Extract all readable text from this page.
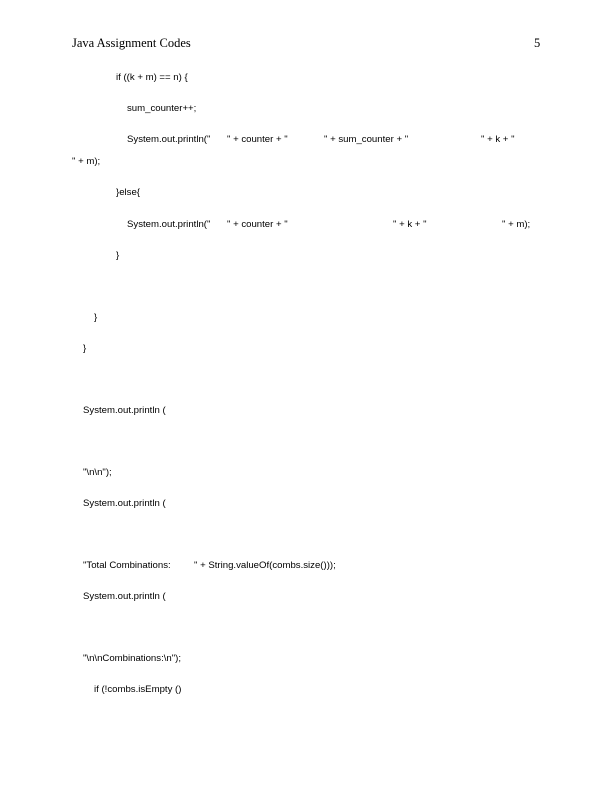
Java Assignment Codes	5
if ((k + m) == n) {
sum_counter++;
System.out.println(" " + counter + "	" + sum_counter + "	" + k + "
" + m);
}else{
System.out.println(" " + counter + "	" + k + "	" + m);
}
}
}
System.out.println (
"\n\n");
System.out.println (
"Total Combinations: " + String.valueOf(combs.size()));
System.out.println (
"\n\nCombinations:\n");
if (!combs.isEmpty ()
